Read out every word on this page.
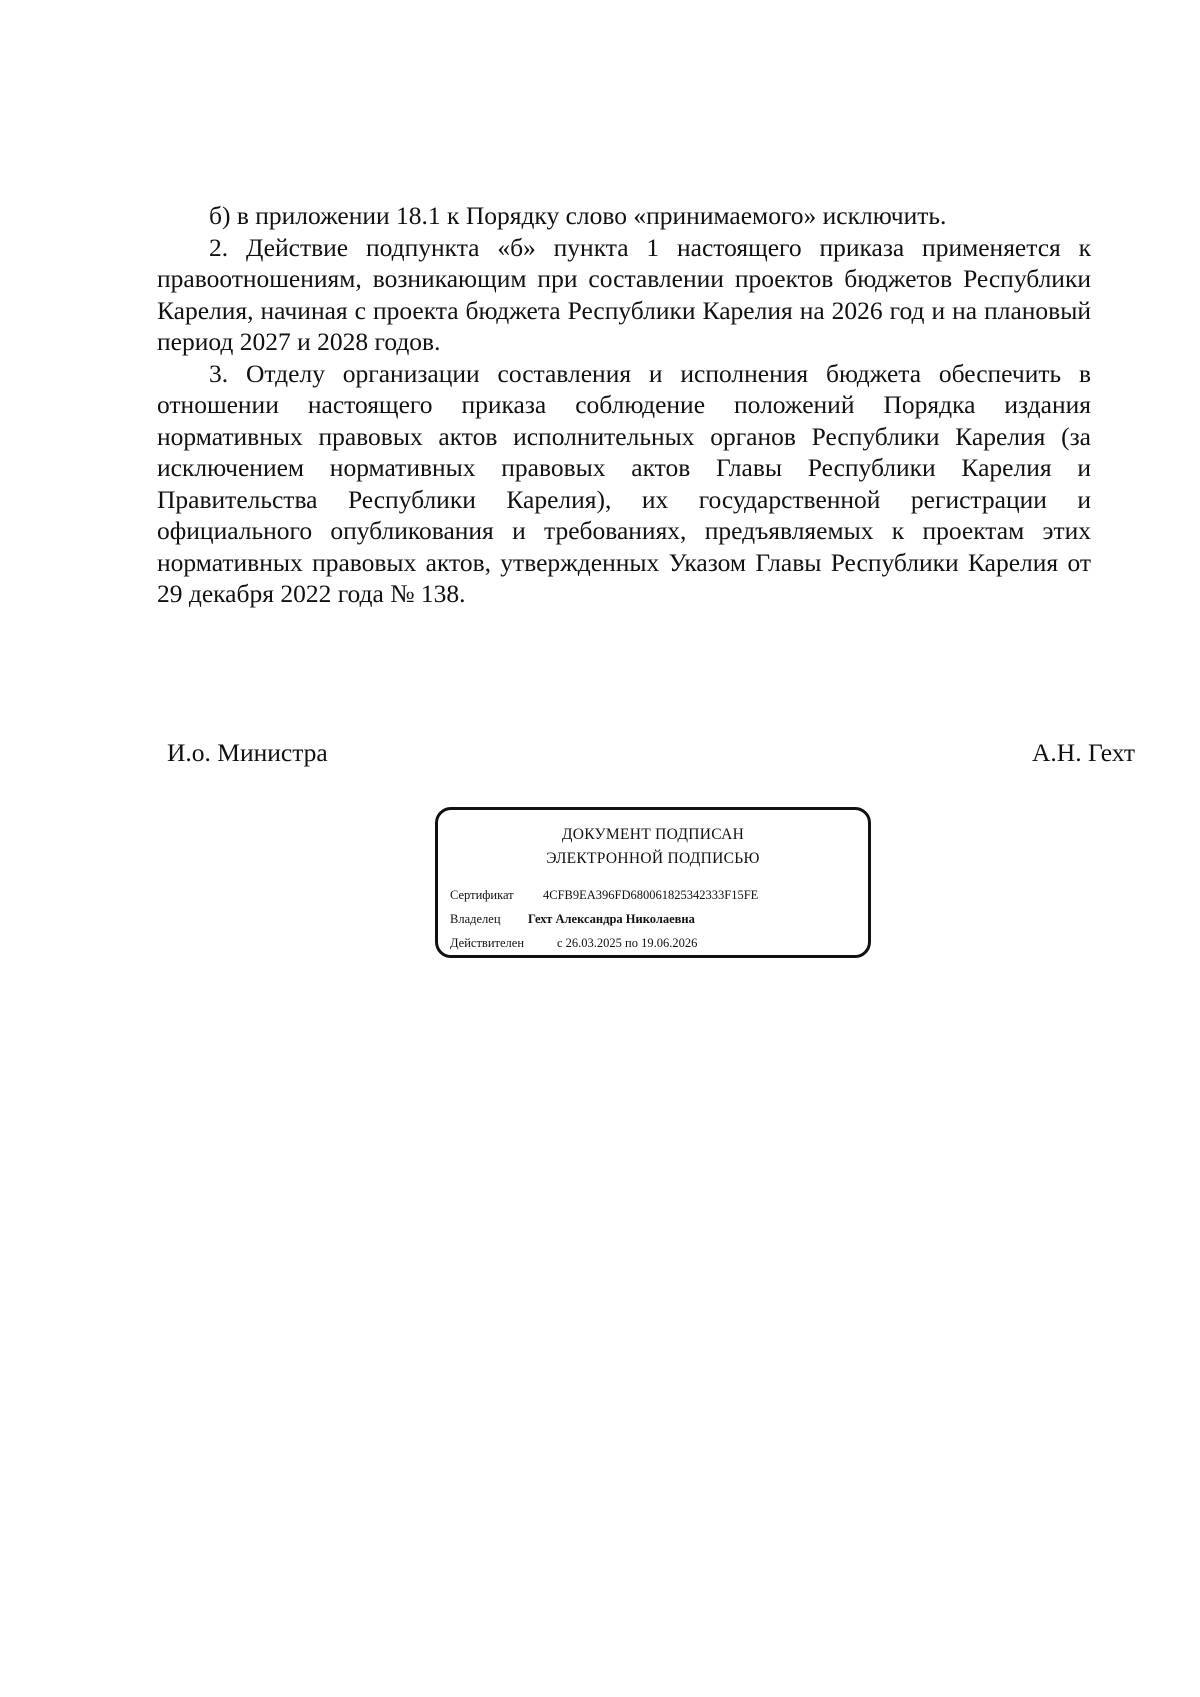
б) в приложении 18.1 к Порядку слово «принимаемого» исключить.

2. Действие подпункта «б» пункта 1 настоящего приказа применяется к правоотношениям, возникающим при составлении проектов бюджетов Республики Карелия, начиная с проекта бюджета Республики Карелия на 2026 год и на плановый период 2027 и 2028 годов.

3. Отделу организации составления и исполнения бюджета обеспечить в отношении настоящего приказа соблюдение положений Порядка издания нормативных правовых актов исполнительных органов Республики Карелия (за исключением нормативных правовых актов Главы Республики Карелия и Правительства Республики Карелия), их государственной регистрации и официального опубликования и требованиях, предъявляемых к проектам этих нормативных правовых актов, утвержденных Указом Главы Республики Карелия от 29 декабря 2022 года № 138.

И.о. Министра	А.Н. Гехт
ДОКУМЕНТ ПОДПИСАН
ЭЛЕКТРОННОЙ ПОДПИСЬЮ
Сертификат 4CFB9EA396FD680061825342333F15FE
Владелец Гехт Александра Николаевна
Действителен	с 26.03.2025 по 19.06.2026
